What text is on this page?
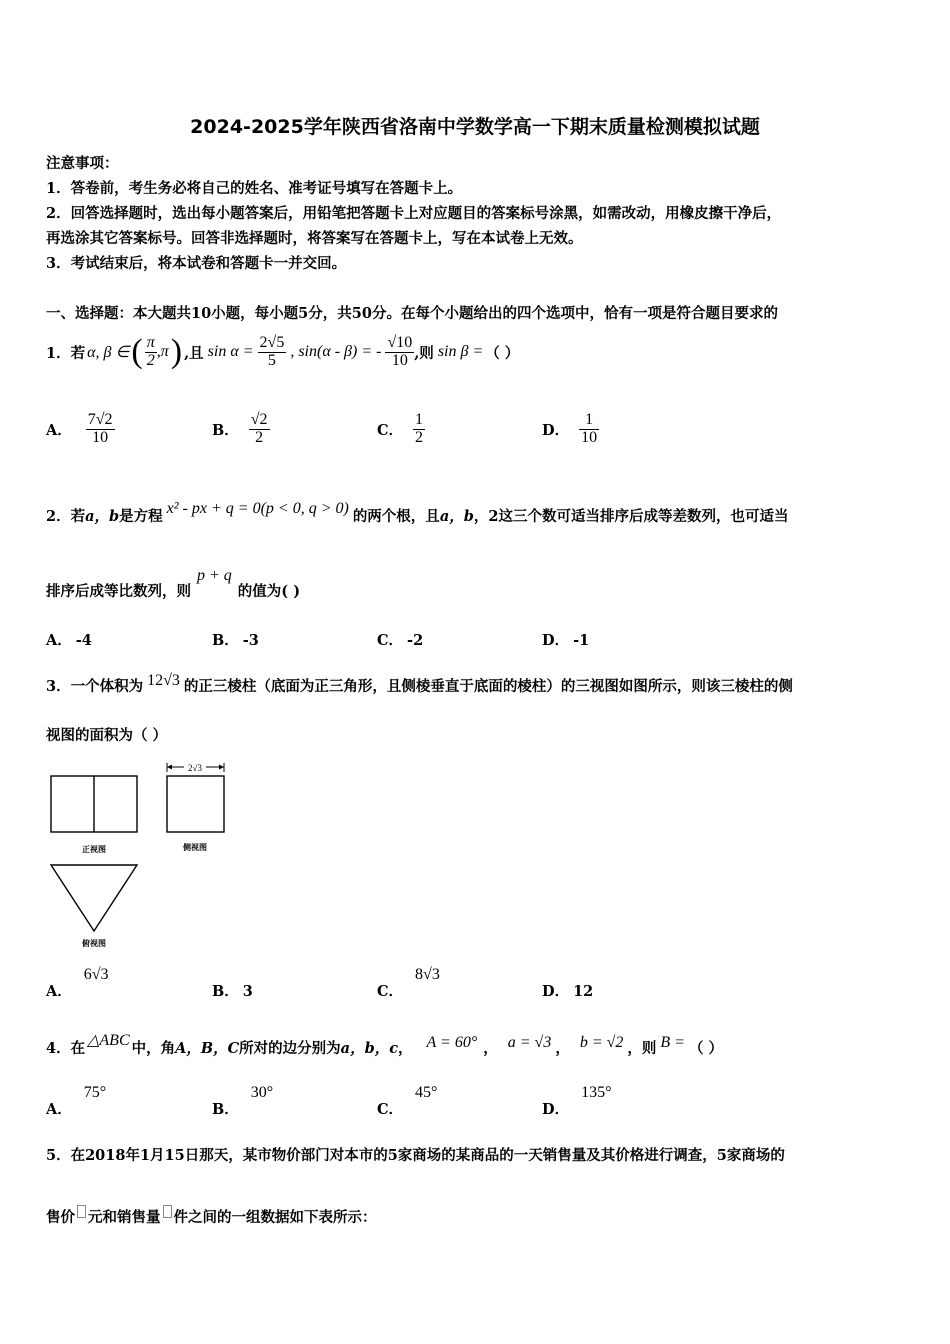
2024-2025学年陕西省洛南中学数学高一下期末质量检测模拟试题
注意事项：
1．答卷前，考生务必将自己的姓名、准考证号填写在答题卡上。
2．回答选择题时，选出每小题答案后，用铅笔把答题卡上对应题目的答案标号涂黑，如需改动，用橡皮擦干净后，
再选涂其它答案标号。回答非选择题时，将答案写在答题卡上，写在本试卷上无效。
3．考试结束后，将本试卷和答题卡一并交回。
一、选择题：本大题共10小题，每小题5分，共50分。在每个小题给出的四个选项中，恰有一项是符合题目要求的
1．若 α, β ∈ ( $\frac{\pi}{2} ,\pi$ ) ,且 $\sin \alpha = \frac{2√5}{5}$ , sin(α - β) = - $\frac{√10}{10}$ ,则 sin β = （ ）
A． $\frac{7√2}{10}$	B． $\frac{√2}{2}$	C． $\frac{1}{2}$	D． $\frac{1}{10}$
2．若 a，b 是方程 x² - px + q = 0(p < 0, q > 0) 的两个根，且 a，b ，2这三个数可适当排序后成等差数列，也可适当
排序后成等比数列，则
p + q
的值为( )
A． -4	B． -3	C． -2	D． -1
3．一个体积为 12√3 的正三棱柱（底面为正三角形，且侧棱垂直于底面的棱柱）的三视图如图所示，则该三棱柱的侧
视图的面积为（ ）
2√3
正视图	侧视图
俯视图
A．
6√3
B． 3	C．
8√3
D． 12
4．在 △ABC 中，角 A，B，C 所对的边分别为 a，b，c ， A = 60° ， a = √3 ， b = √2 ，则 B = （ ）
A．
75°
B．
30°
C．
45°
D．
135°
5．在2018年1月15日那天，某市物价部门对本市的5家商场的某商品的一天销售量及其价格进行调查，5家商场的
售价 元和销售量 件之间的一组数据如下表所示：
